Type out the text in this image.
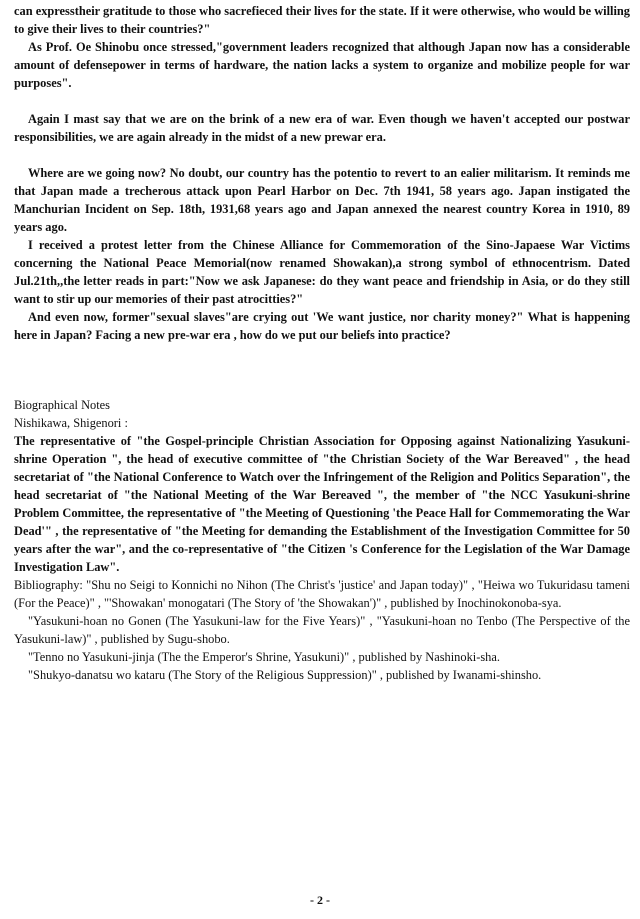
can expresstheir gratitude to those who sacrefieced their lives for the state. If it were otherwise, who would be willing to give their lives to their countries?"

As Prof. Oe Shinobu once stressed,"government leaders recognized that although Japan now has a considerable amount of defensepower in terms of hardware, the nation lacks a system to organize and mobilize people for war purposes".

Again I mast say that we are on the brink of a new era of war. Even though we haven't accepted our postwar responsibilities, we are again already in the midst of a new prewar era.

Where are we going now? No doubt, our country has the potentio to revert to an ealier militarism. It reminds me that Japan made a trecherous attack upon Pearl Harbor on Dec. 7th 1941, 58 years ago. Japan instigated the Manchurian Incident on Sep. 18th, 1931,68 years ago and Japan annexed the nearest country Korea in 1910, 89 years ago.

I received a protest letter from the Chinese Alliance for Commemoration of the Sino-Japaese War Victims concerning the National Peace Memorial(now renamed Showakan),a strong symbol of ethnocentrism. Dated Jul.21th,,the letter reads in part:"Now we ask Japanese: do they want peace and friendship in Asia, or do they still want to stir up our memories of their past atrocitties?"

And even now, former"sexual slaves"are crying out 'We want justice, nor charity money?" What is happening here in Japan? Facing a new pre-war era , how do we put our beliefs into practice?

Biographical Notes

Nishikawa, Shigenori :

The representative of "the Gospel-principle Christian Association for Opposing against Nationalizing Yasukuni-shrine Operation ", the head of executive committee of "the Christian Society of the War Bereaved" , the head secretariat of "the National Conference to Watch over the Infringement of the Religion and Politics Separation", the head secretariat of "the National Meeting of the War Bereaved ", the member of "the NCC Yasukuni-shrine Problem Committee, the representative of "the Meeting of Questioning 'the Peace Hall for Commemorating the War Dead'" , the representative of "the Meeting for demanding the Establishment of the Investigation Committee for 50 years after the war", and the co-representative of "the Citizen 's Conference for the Legislation of the War Damage Investigation Law".

Bibliography: "Shu no Seigi to Konnichi no Nihon (The Christ's 'justice' and Japan today)" , "Heiwa wo Tukuridasu tameni (For the Peace)" , "'Showakan' monogatari (The Story of 'the Showakan')" , published by Inochinokonoba-sya.

"Yasukuni-hoan no Gonen (The Yasukuni-law for the Five Years)" , "Yasukuni-hoan no Tenbo (The Perspective of the Yasukuni-law)" , published by Sugu-shobo.

"Tenno no Yasukuni-jinja (The the Emperor's Shrine, Yasukuni)" , published by Nashinoki-sha.

"Shukyo-danatsu wo kataru (The Story of the Religious Suppression)" , published by Iwanami-shinsho.

- 2 -
